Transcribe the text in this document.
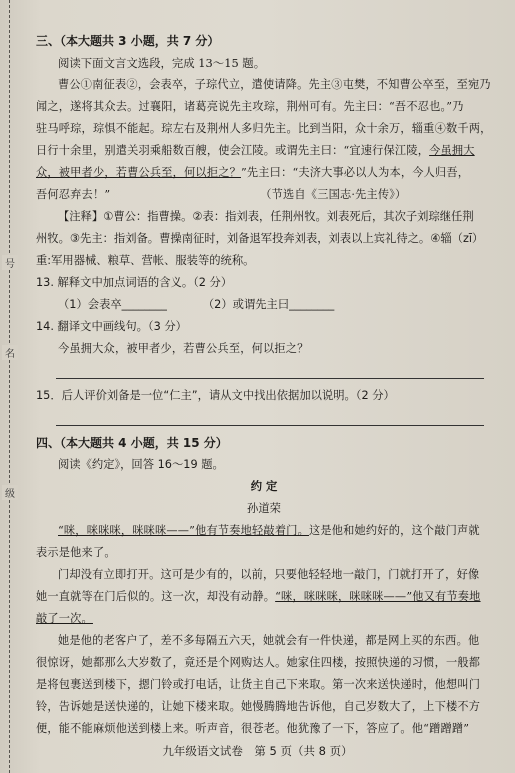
号
名
级
三、（本大题共 3 小题，共 7 分）
阅读下面文言文选段，完成 13～15 题。
曹公①南征表②，会表卒，子琮代立，遣使请降。先主③屯樊，不知曹公卒至，至宛乃
闻之，遂将其众去。过襄阳，诸葛亮说先主攻琮，荆州可有。先主曰：“吾不忍也。”乃
驻马呼琮，琮惧不能起。琮左右及荆州人多归先主。比到当阳，众十余万，辎重④数千两，
日行十余里，别遣关羽乘船数百艘，使会江陵。或谓先主曰：“宜速行保江陵，今虽拥大
众，被甲者少，若曹公兵至，何以拒之？”先主曰：“夫济大事必以人为本，今人归吾，
吾何忍弃去！”	（节选自《三国志·先主传》）
【注释】①曹公：指曹操。②表：指刘表，任荆州牧。刘表死后，其次子刘琮继任荆
州牧。③先主：指刘备。曹操南征时，刘备退军投奔刘表，刘表以上宾礼待之。④辎（zī）
重:军用器械、粮草、营帐、服装等的统称。
13. 解释文中加点词语的含义。（2 分）
（1）会表卒________	（2）或谓先主曰________
14. 翻译文中画线句。（3 分）
今虽拥大众，被甲者少，若曹公兵至，何以拒之？
15．后人评价刘备是一位“仁主”，请从文中找出依据加以说明。（2 分）
四、（本大题共 4 小题，共 15 分）
阅读《约定》，回答 16～19 题。
约 定
孙道荣
“咪，咪咪咪，咪咪咪——”他有节奏地轻敲着门。这是他和她约好的，这个敲门声就
表示是他来了。
门却没有立即打开。这可是少有的，以前，只要他轻轻地一敲门，门就打开了，好像
她一直就等在门后似的。这一次，却没有动静。“咪，咪咪咪，咪咪咪——”他又有节奏地
敲了一次。
她是他的老客户了，差不多每隔五六天，她就会有一件快递，都是网上买的东西。他
很惊讶，她都那么大岁数了，竟还是个网购达人。她家住四楼，按照快递的习惯，一般都
是将包裹送到楼下，摁门铃或打电话，让货主自己下来取。第一次来送快递时，他想叫门
铃，告诉她是送快递的，让她下楼来取。她慢腾腾地告诉他，自己岁数大了，上下楼不方
便，能不能麻烦他送到楼上来。听声音，很苍老。他犹豫了一下，答应了。他“蹭蹭蹭”
九年级语文试卷　第 5 页（共 8 页）
